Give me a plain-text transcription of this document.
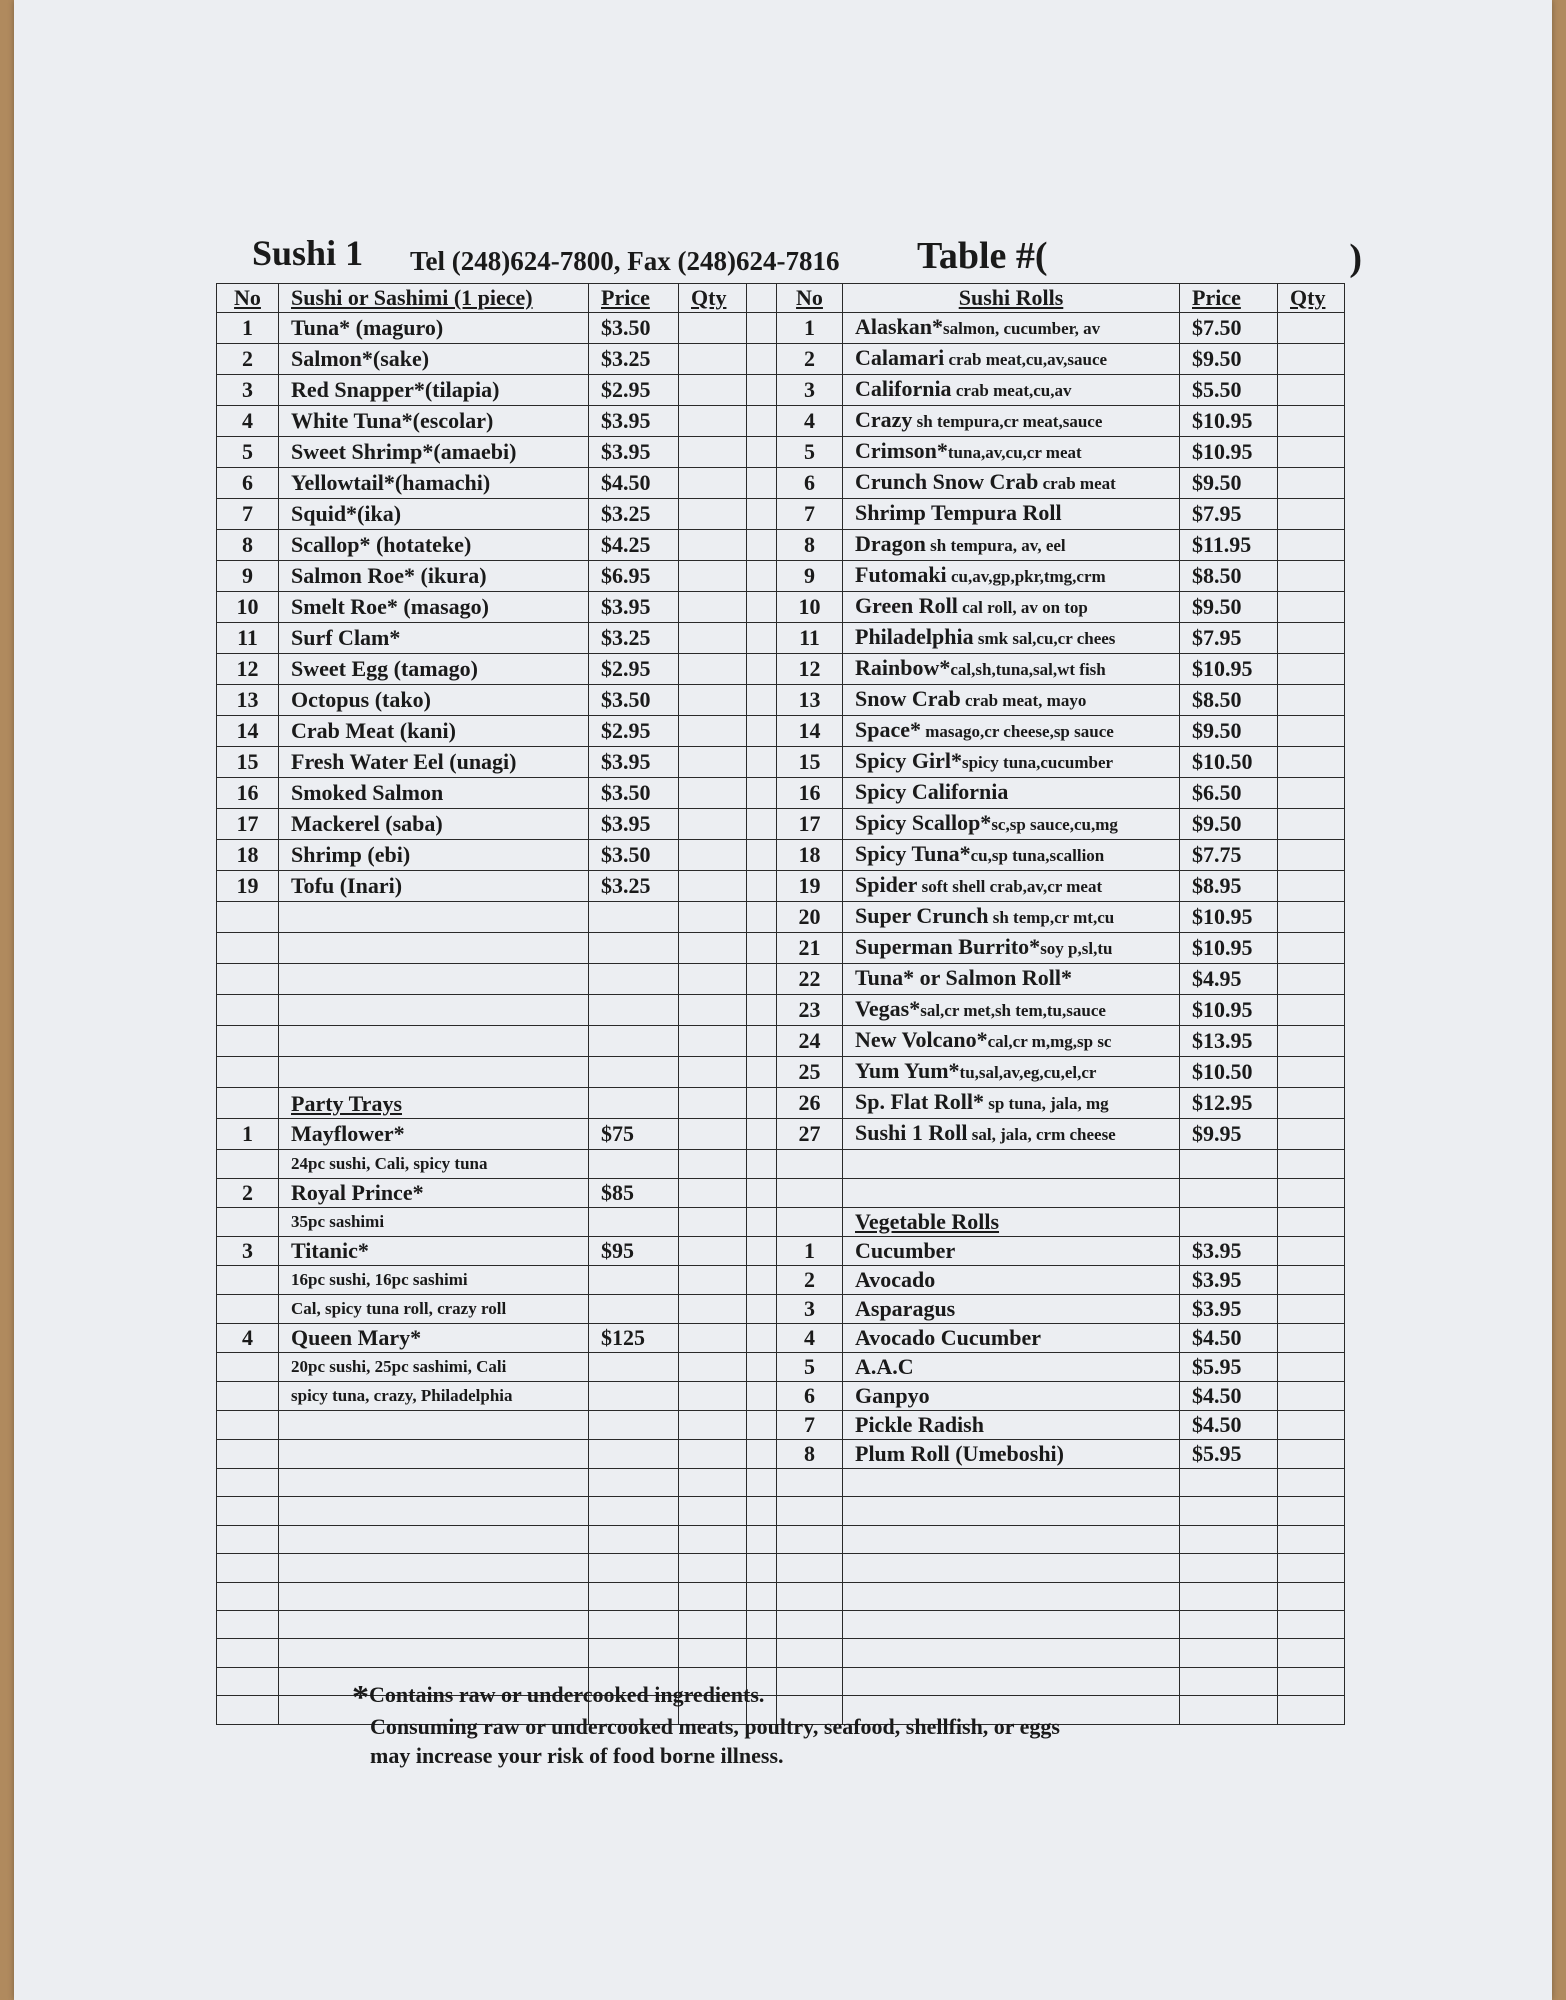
Sushi 1 Tel (248)624-7800, Fax (248)624-7816 Table #(	)
No	Sushi or Sashimi (1 piece)	Price	Qty		No	Sushi Rolls	Price	Qty
1	Tuna* (maguro)	$3.50			1	Alaskan*salmon, cucumber, av	$7.50	
2	Salmon*(sake)	$3.25			2	Calamari crab meat,cu,av,sauce	$9.50	
3	Red Snapper*(tilapia)	$2.95			3	California crab meat,cu,av	$5.50	
4	White Tuna*(escolar)	$3.95			4	Crazy sh tempura,cr meat,sauce	$10.95	
5	Sweet Shrimp*(amaebi)	$3.95			5	Crimson*tuna,av,cu,cr meat	$10.95	
6	Yellowtail*(hamachi)	$4.50			6	Crunch Snow Crab crab meat	$9.50	
7	Squid*(ika)	$3.25			7	Shrimp Tempura Roll	$7.95	
8	Scallop* (hotateke)	$4.25			8	Dragon sh tempura, av, eel	$11.95	
9	Salmon Roe* (ikura)	$6.95			9	Futomaki cu,av,gp,pkr,tmg,crm	$8.50	
10	Smelt Roe* (masago)	$3.95			10	Green Roll cal roll, av on top	$9.50	
11	Surf Clam*	$3.25			11	Philadelphia smk sal,cu,cr chees	$7.95	
12	Sweet Egg (tamago)	$2.95			12	Rainbow*cal,sh,tuna,sal,wt fish	$10.95	
13	Octopus (tako)	$3.50			13	Snow Crab crab meat, mayo	$8.50	
14	Crab Meat (kani)	$2.95			14	Space* masago,cr cheese,sp sauce	$9.50	
15	Fresh Water Eel (unagi)	$3.95			15	Spicy Girl*spicy tuna,cucumber	$10.50	
16	Smoked Salmon	$3.50			16	Spicy California	$6.50	
17	Mackerel (saba)	$3.95			17	Spicy Scallop*sc,sp sauce,cu,mg	$9.50	
18	Shrimp (ebi)	$3.50			18	Spicy Tuna*cu,sp tuna,scallion	$7.75	
19	Tofu (Inari)	$3.25			19	Spider soft shell crab,av,cr meat	$8.95	
					20	Super Crunch sh temp,cr mt,cu	$10.95	
					21	Superman Burrito*soy p,sl,tu	$10.95	
					22	Tuna* or Salmon Roll*	$4.95	
					23	Vegas*sal,cr met,sh tem,tu,sauce	$10.95	
					24	New Volcano*cal,cr m,mg,sp sc	$13.95	
					25	Yum Yum*tu,sal,av,eg,cu,el,cr	$10.50	
	Party Trays				26	Sp. Flat Roll* sp tuna, jala, mg	$12.95	
1	Mayflower*	$75			27	Sushi 1 Roll sal, jala, crm cheese	$9.95	
	24pc sushi, Cali, spicy tuna							
2	Royal Prince*	$85						
	35pc sashimi					Vegetable Rolls		
3	Titanic*	$95			1	Cucumber	$3.95	
	16pc sushi, 16pc sashimi				2	Avocado	$3.95	
	Cal, spicy tuna roll, crazy roll				3	Asparagus	$3.95	
4	Queen Mary*	$125			4	Avocado Cucumber	$4.50	
	20pc sushi, 25pc sashimi, Cali				5	A.A.C	$5.95	
	spicy tuna, crazy, Philadelphia				6	Ganpyo	$4.50	
					7	Pickle Radish	$4.50	
					8	Plum Roll (Umeboshi)	$5.95	

*Contains raw or undercooked ingredients.
Consuming raw or undercooked meats, poultry, seafood, shellfish, or eggs
may increase your risk of food borne illness.
